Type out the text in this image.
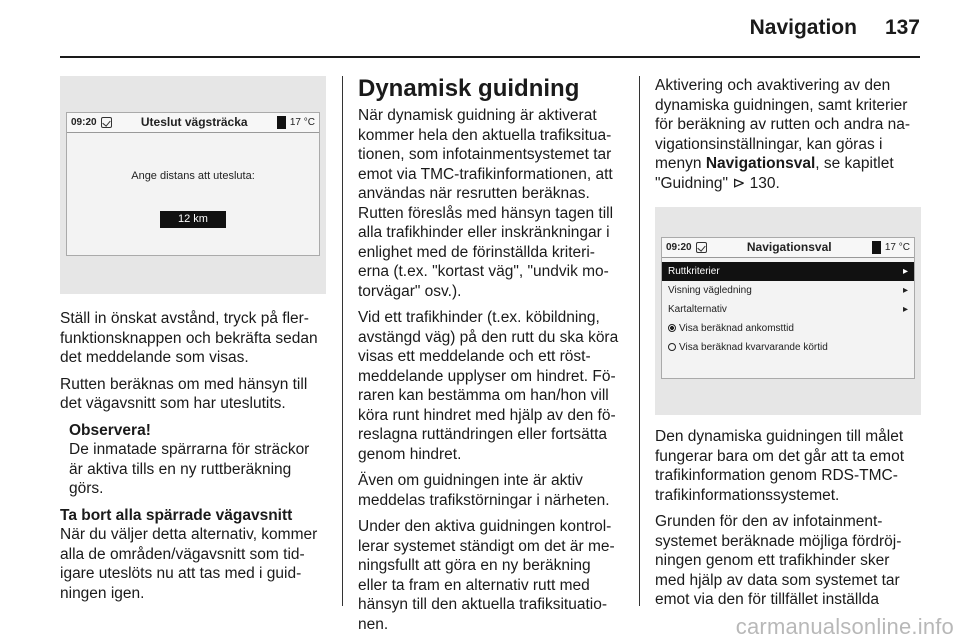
Navigation 137
09:20	Uteslut vägsträcka	17 °C
Ange distans att utesluta:
12 km

Ställ in önskat avstånd, tryck på fler-funktionsknappen och bekräfta sedan det meddelande som visas.

Rutten beräknas om med hänsyn till det vägavsnitt som har uteslutits.

Observera!
De inmatade spärrarna för sträckor är aktiva tills en ny ruttberäkning görs.
Ta bort alla spärrade vägavsnitt

När du väljer detta alternativ, kommer alla de områden/vägavsnitt som tid-igare uteslöts nu att tas med i guid-ningen igen.

Dynamisk guidning

När dynamisk guidning är aktiverat kommer hela den aktuella trafiksitua-tionen, som infotainmentsystemet tar emot via TMC-trafikinformationen, att användas när resrutten beräknas. Rutten föreslås med hänsyn tagen till alla trafikhinder eller inskränkningar i enlighet med de förinställda kriteri-erna (t.ex. "kortast väg", "undvik mo-torvägar" osv.).

Vid ett trafikhinder (t.ex. köbildning, avstängd väg) på den rutt du ska köra visas ett meddelande och ett röst-meddelande upplyser om hindret. Fö-raren kan bestämma om han/hon vill köra runt hindret med hjälp av den fö-reslagna ruttändringen eller fortsätta genom hindret.

Även om guidningen inte är aktiv meddelas trafikstörningar i närheten.

Under den aktiva guidningen kontrol-lerar systemet ständigt om det är me-ningsfullt att göra en ny beräkning eller ta fram en alternativ rutt med hänsyn till den aktuella trafiksituatio-nen.

Aktivering och avaktivering av den dynamiska guidningen, samt kriterier för beräkning av rutten och andra na-vigationsinställningar, kan göras i menyn Navigationsval, se kapitlet "Guidning" ⊳ 130.

09:20	Navigationsval	17 °C
Ruttkriterier	▸
Visning vägledning	▸
Kartalternativ	▸
Visa beräknad ankomsttid
Visa beräknad kvarvarande körtid

Den dynamiska guidningen till målet fungerar bara om det går att ta emot trafikinformation genom RDS-TMC-trafikinformationssystemet.

Grunden för den av infotainment-systemet beräknade möjliga fördröj-ningen genom ett trafikhinder sker med hjälp av data som systemet tar emot via den för tillfället inställda

carmanualsonline.info
